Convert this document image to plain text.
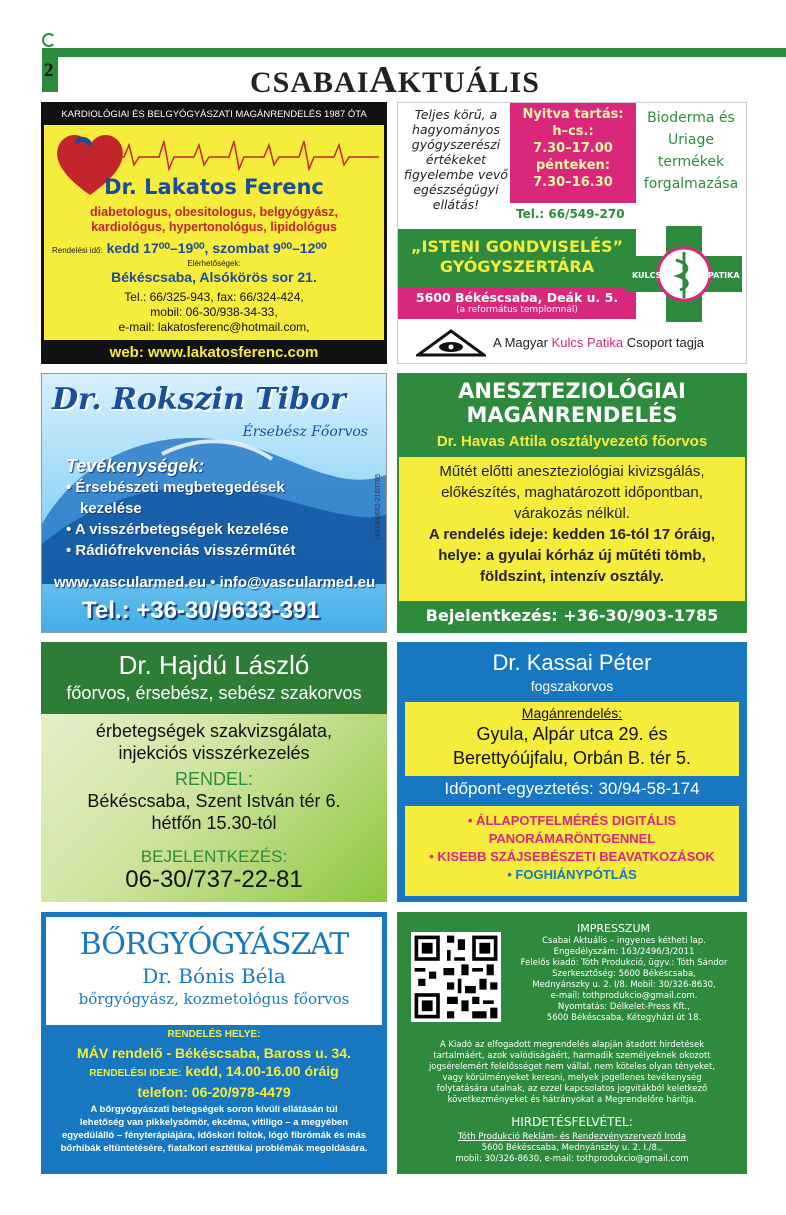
2	CSABAIAKTUÁLIS
KARDIOLÓGIAI ÉS BELGYÓGYÁSZATI MAGÁNRENDELÉS 1987 ÓTA
Dr. Lakatos Ferenc
diabetologus, obesitologus, belgyógyász,
kardiológus, hypertonológus, lipidológus
Rendelési idő: kedd 17⁰⁰–19⁰⁰, szombat 9⁰⁰–12⁰⁰
Elérhetőségek:
Békéscsaba, Alsókörös sor 21.
Tel.: 66/325-943, fax: 66/324-424,
mobil: 06-30/938-34-33,
e-mail: lakatosferenc@hotmail.com,
web: www.lakatosferenc.com
Teljes körű, a hagyományos gyógyszerészi értékeket figyelembe vevő egészségügyi ellátás!
Nyitva tartás:
h–cs.:
7.30–17.00
pénteken:
7.30–16.30
Tel.: 66/549-270
Bioderma és Uriage termékek forgalmazása
„ISTENI GONDVISELÉS”
GYÓGYSZERTÁRA
5600 Békéscsaba, Deák u. 5.
(a református templomnál)
KULCS	PATIKA
A Magyar Kulcs Patika Csoport tagja
Dr. Rokszin Tibor
Érsebész Főorvos
Tevékenységek:
• Érsebészeti megbetegedések
kezelése
• A visszérbetegségek kezelése
• Rádiófrekvenciás visszérműtét
H00006682-2160785
www.vascularmed.eu • info@vascularmed.eu
Tel.: +36-30/9633-391
ANESZTEZIOLÓGIAI
MAGÁNRENDELÉS
Dr. Havas Attila osztályvezető főorvos
Műtét előtti aneszteziológiai kivizsgálás,
előkészítés, maghatározott időpontban,
várakozás nélkül.
A rendelés ideje: kedden 16-tól 17 óráig,
helye: a gyulai kórház új műtéti tömb,
földszint, intenzív osztály.
Bejelentkezés: +36-30/903-1785
Dr. Hajdú László
főorvos, érsebész, sebész szakorvos
érbetegségek szakvizsgálata,
injekciós visszérkezelés
RENDEL:
Békéscsaba, Szent István tér 6.
hétfőn 15.30-tól
BEJELENTKEZÉS:
06-30/737-22-81
Dr. Kassai Péter
fogszakorvos
Magánrendelés:
Gyula, Alpár utca 29. és
Berettyóújfalu, Orbán B. tér 5.
Időpont-egyeztetés: 30/94-58-174
• ÁLLAPOTFELMÉRÉS DIGITÁLIS
PANORÁMARÖNTGENNEL
• KISEBB SZÁJSEBÉSZETI BEAVATKOZÁSOK
• FOGHIÁNYPÓTLÁS
BŐRGYÓGYÁSZAT
Dr. Bónis Béla
bőrgyógyász, kozmetológus főorvos
RENDELÉS HELYE:
MÁV rendelő - Békéscsaba, Baross u. 34.
RENDELÉSI IDEJE: kedd, 14.00-16.00 óráig
telefon: 06-20/978-4479
A bőrgyógyászati betegségek soron kívüli ellátásán túl
lehetőség van pikkelysömör, ekcéma, vitiligo – a megyében
egyedülálló – fényterápiájára, időskori foltok, lógó fibrómák és más
bőrhibák eltüntetésére, fiatalkori esztétikai problémák megoldására.
IMPRESSZUM
Csabai Aktuális – ingyenes kétheti lap.
Engedélyszám: 163/2496/3/2011
Felelős kiadó: Tóth Produkció, ügyv.: Tóth Sándor
Szerkesztőség: 5600 Békéscsaba,
Mednyánszky u. 2. I/8. Mobil: 30/326-8630,
e-mail: tothprodukcio@gmail.com.
Nyomtatás: Délkelet-Press Kft.,
5600 Békéscsaba, Kétegyházi út 18.
A Kiadó az elfogadott megrendelés alapján átadott hirdetések
tartalmáért, azok valódiságáért, harmadik személyeknek okozott
jogsérelemért felelősséget nem vállal, nem köteles olyan tényeket,
vagy körülményeket keresni, melyek jogellenes tevékenység
folytatására utalnak, az ezzel kapcsolatos jogvitákból keletkező
következményeket és hátrányokat a Megrendelőre hárítja.
HIRDETÉSFELVÉTEL:
Tóth Produkció Reklám- és Rendezvényszervező Iroda
5600 Békéscsaba, Mednyánszky u. 2. I./8.,
mobil: 30/326-8630, e-mail: tothprodukcio@gmail.com
